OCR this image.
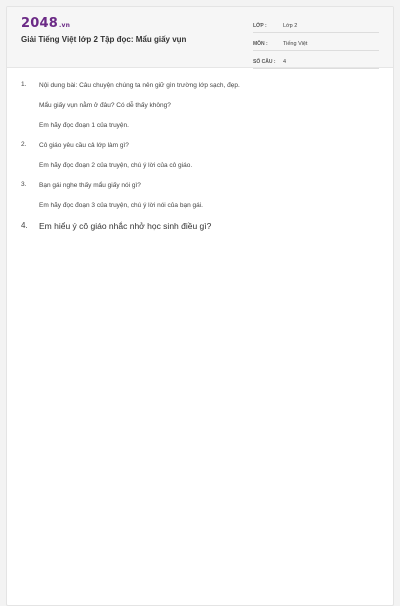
2048.vn
Giải Tiếng Việt lớp 2 Tập đọc: Mẩu giấy vụn
LỚP :	Lớp 2
MÔN :	Tiếng Việt
SỐ CÂU :	4
1. Nội dung bài: Câu chuyện chúng ta nên giữ gìn trường lớp sạch, đẹp.
Mẩu giấy vụn nằm ở đâu? Có dễ thấy không?
Em hãy đọc đoạn 1 của truyện.
2. Cô giáo yêu cầu cả lớp làm gì?
Em hãy đọc đoạn 2 của truyện, chú ý lời của cô giáo.
3. Bạn gái nghe thấy mẩu giấy nói gì?
Em hãy đọc đoạn 3 của truyện, chú ý lời nói của bạn gái.
4. Em hiểu ý cô giáo nhắc nhở học sinh điều gì?
